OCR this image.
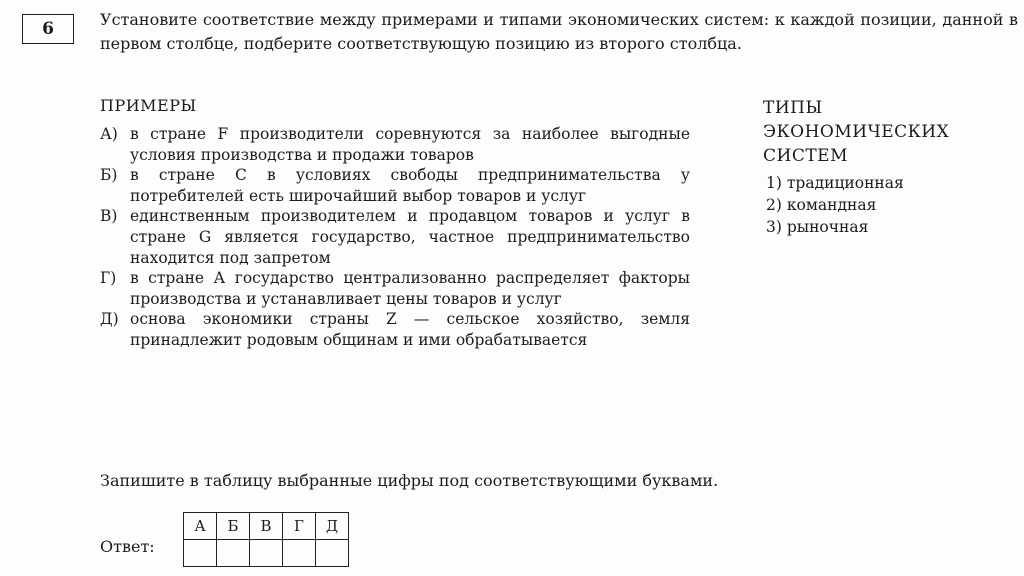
6	Установите соответствие между примерами и типами экономических систем: к каждой позиции, данной в первом столбце, подберите соответствующую позицию из второго столбца.

ПРИМЕРЫ
А) в стране F производители соревнуются за наиболее выгодные условия производства и продажи товаров
Б) в стране С в условиях свободы предпринимательства у потребителей есть широчайший выбор товаров и услуг
В) единственным производителем и продавцом товаров и услуг в стране G является государство, частное предпринимательство находится под запретом
Г) в стране А государство централизованно распределяет факторы производства и устанавливает цены товаров и услуг
Д) основа экономики страны Z — сельское хозяйство, земля принадлежит родовым общинам и ими обрабатывается
ТИПЫ ЭКОНОМИЧЕСКИХ СИСТЕМ
1) традиционная
2) командная
3) рыночная
Запишите в таблицу выбранные цифры под соответствующими буквами.
Ответ:
А	Б	В	Г	Д
